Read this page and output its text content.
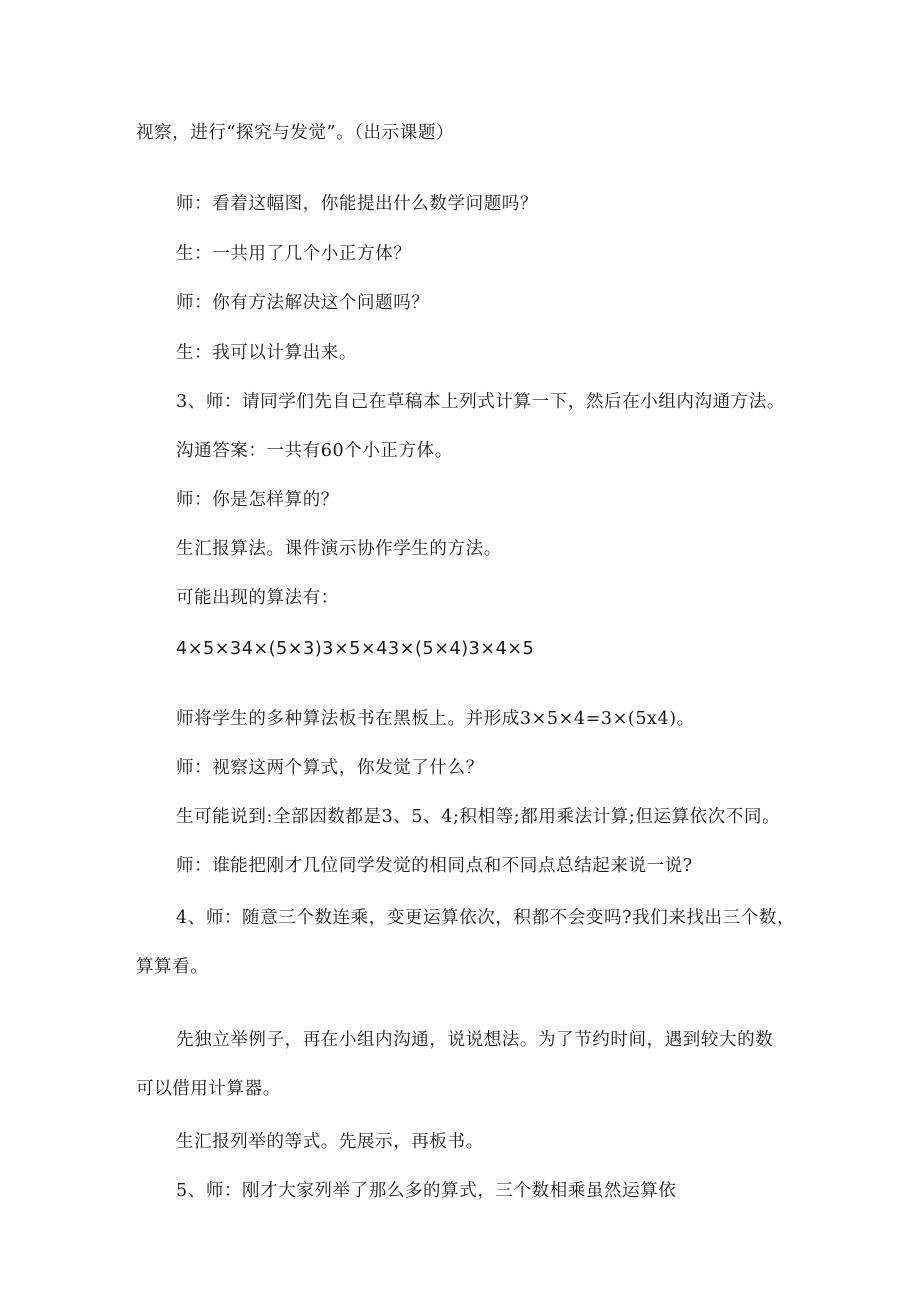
视察，进行“探究与发觉”。（出示课题）
师：看着这幅图，你能提出什么数学问题吗？
生：一共用了几个小正方体？
师：你有方法解决这个问题吗？
生：我可以计算出来。
3、师：请同学们先自己在草稿本上列式计算一下，然后在小组内沟通方法。
沟通答案：一共有60个小正方体。
师：你是怎样算的？
生汇报算法。课件演示协作学生的方法。
可能出现的算法有：
4×5×34×(5×3)3×5×43×(5×4)3×4×5
师将学生的多种算法板书在黑板上。并形成3×5×4=3×(5x4)。
师：视察这两个算式，你发觉了什么？
生可能说到:全部因数都是3、5、4;积相等;都用乘法计算;但运算依次不同。
师：谁能把刚才几位同学发觉的相同点和不同点总结起来说一说?
4、师：随意三个数连乘，变更运算依次，积都不会变吗?我们来找出三个数，
算算看。
先独立举例子，再在小组内沟通，说说想法。为了节约时间，遇到较大的数
可以借用计算器。
生汇报列举的等式。先展示，再板书。
5、师：刚才大家列举了那么多的算式，三个数相乘虽然运算依
